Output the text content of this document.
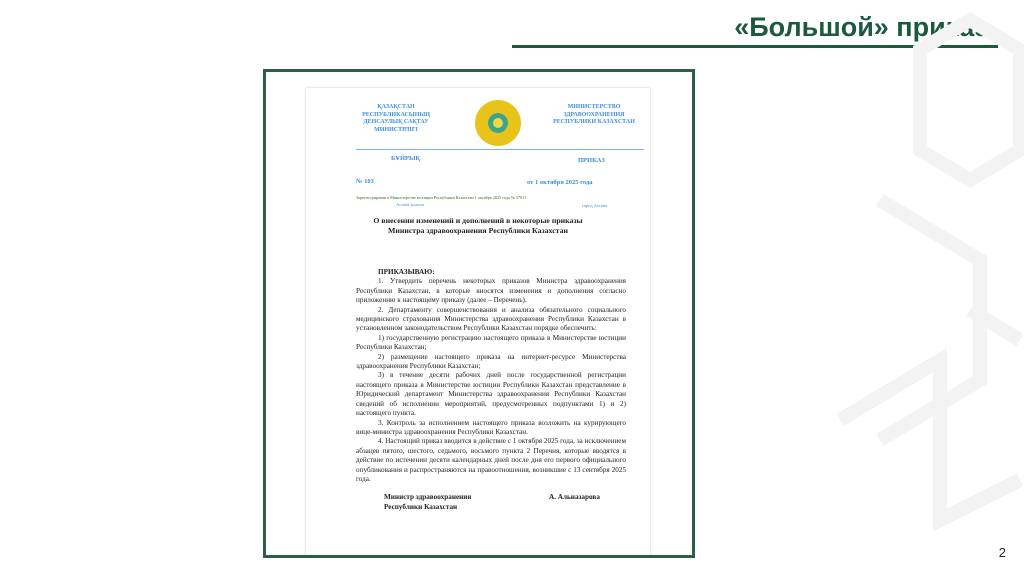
«Большой» приказ
ҚАЗАҚСТАН
РЕСПУБЛИКАСЫНЫҢ
ДЕНСАУЛЫҚ САҚТАУ
МИНИСТРЛІГІ
МИНИСТЕРСТВО
ЗДРАВООХРАНЕНИЯ
РЕСПУБЛИКИ КАЗАХСТАН
БҰЙРЫҚ	ПРИКАЗ
№ 103	от 1 октября 2025 года
Зарегистрирован в Министерстве юстиции Республики Казахстан 1 октября 2025 года № 37011
Астана қаласы	город Астана
О внесении изменений и дополнений в некоторые приказы
Министра здравоохранения Республики Казахстан

ПРИКАЗЫВАЮ:

1. Утвердить перечень некоторых приказов Министра здравоохранения Республики Казахстан, в которые вносятся изменения и дополнения согласно приложению к настоящему приказу (далее – Перечень).

2. Департаменту совершенствования и анализа обязательного социального медицинского страхования Министерства здравоохранения Республики Казахстан в установленном законодательством Республики Казахстан порядке обеспечить:

1) государственную регистрацию настоящего приказа в Министерстве юстиции Республики Казахстан;

2) размещение настоящего приказа на интернет-ресурсе Министерства здравоохранения Республики Казахстан;

3) в течение десяти рабочих дней после государственной регистрации настоящего приказа в Министерстве юстиции Республики Казахстан представление в Юридический департамент Министерства здравоохранения Республики Казахстан сведений об исполнении мероприятий, предусмотренных подпунктами 1) и 2) настоящего пункта.

3. Контроль за исполнением настоящего приказа возложить на курирующего вице-министра здравоохранения Республики Казахстан.

4. Настоящий приказ вводится в действие с 1 октября 2025 года, за исключением абзацев пятого, шестого, седьмого, восьмого пункта 2 Перечня, которые вводятся в действие по истечении десяти календарных дней после дня его первого официального опубликования и распространяются на правоотношения, возникшие с 13 сентября 2025 года.

Министр здравоохранения
Республики Казахстан
А. Альназарова
2
